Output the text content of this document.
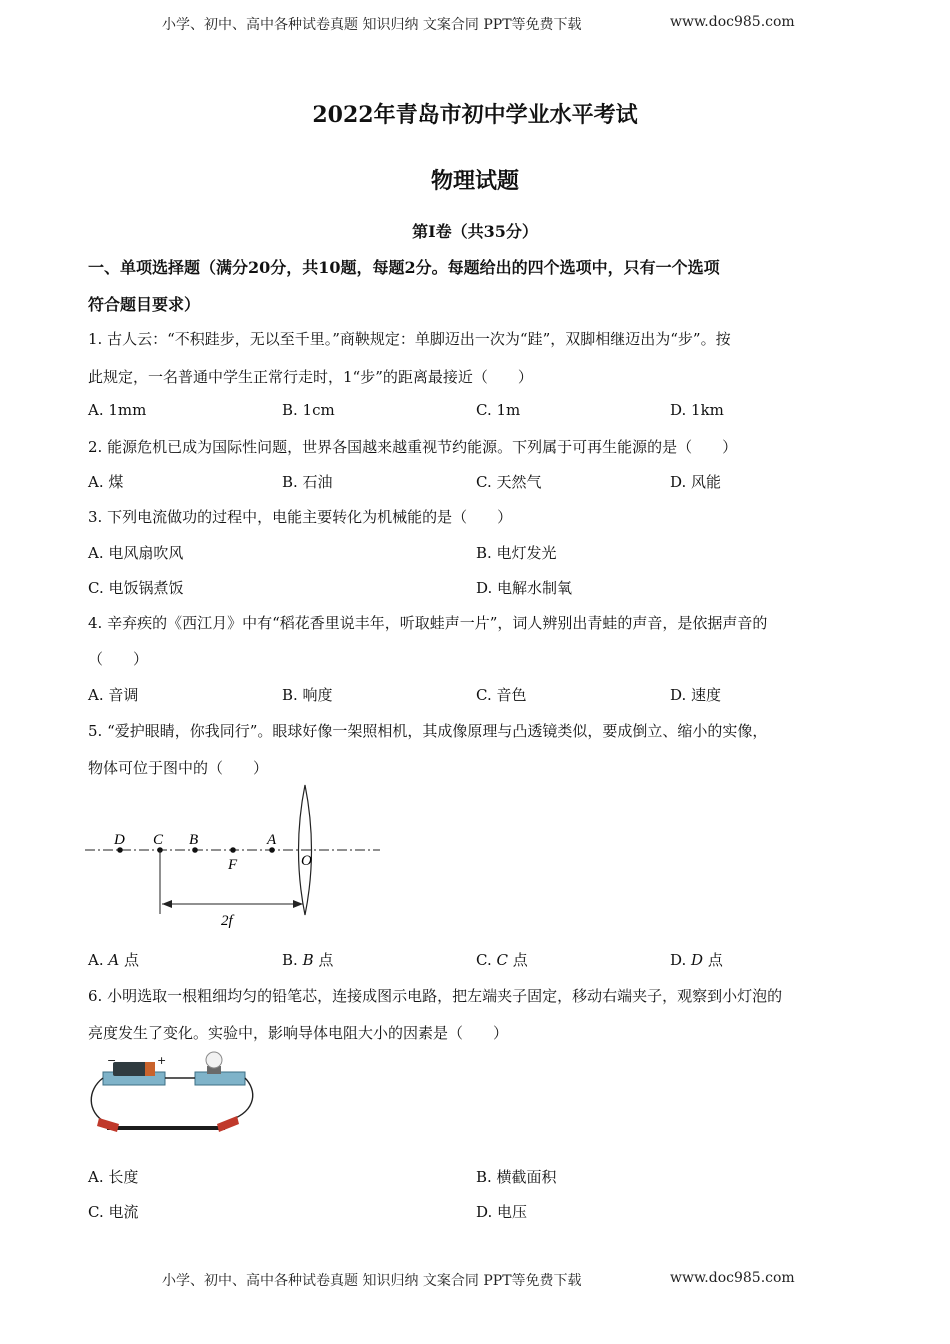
小学、初中、高中各种试卷真题 知识归纳 文案合同 PPT等免费下载	www.doc985.com
2022年青岛市初中学业水平考试
物理试题
第I卷（共35分）
一、单项选择题（满分20分，共10题，每题2分。每题给出的四个选项中，只有一个选项
符合题目要求）
1. 古人云：“不积跬步，无以至千里。”商鞅规定：单脚迈出一次为“跬”，双脚相继迈出为“步”。按
此规定，一名普通中学生正常行走时，1“步”的距离最接近（　　）
A. 1mm	B. 1cm	C. 1m	D. 1km
2. 能源危机已成为国际性问题，世界各国越来越重视节约能源。下列属于可再生能源的是（　　）
A. 煤	B. 石油	C. 天然气	D. 风能
3. 下列电流做功的过程中，电能主要转化为机械能的是（　　）
A. 电风扇吹风	B. 电灯发光
C. 电饭锅煮饭	D. 电解水制氧
4. 辛弃疾的《西江月》中有“稻花香里说丰年，听取蛙声一片”，词人辨别出青蛙的声音，是依据声音的
（　　）
A. 音调	B. 响度	C. 音色	D. 速度
5. “爱护眼睛，你我同行”。眼球好像一架照相机，其成像原理与凸透镜类似，要成倒立、缩小的实像，
物体可位于图中的（　　）
D C B
F
A
O
2f
A. A 点	B. B 点	C. C 点	D. D 点
6. 小明选取一根粗细均匀的铅笔芯，连接成图示电路，把左端夹子固定，移动右端夹子，观察到小灯泡的
亮度发生了变化。实验中，影响导体电阻大小的因素是（　　）
−	+
A. 长度	B. 横截面积
C. 电流	D. 电压
小学、初中、高中各种试卷真题 知识归纳 文案合同 PPT等免费下载	www.doc985.com
